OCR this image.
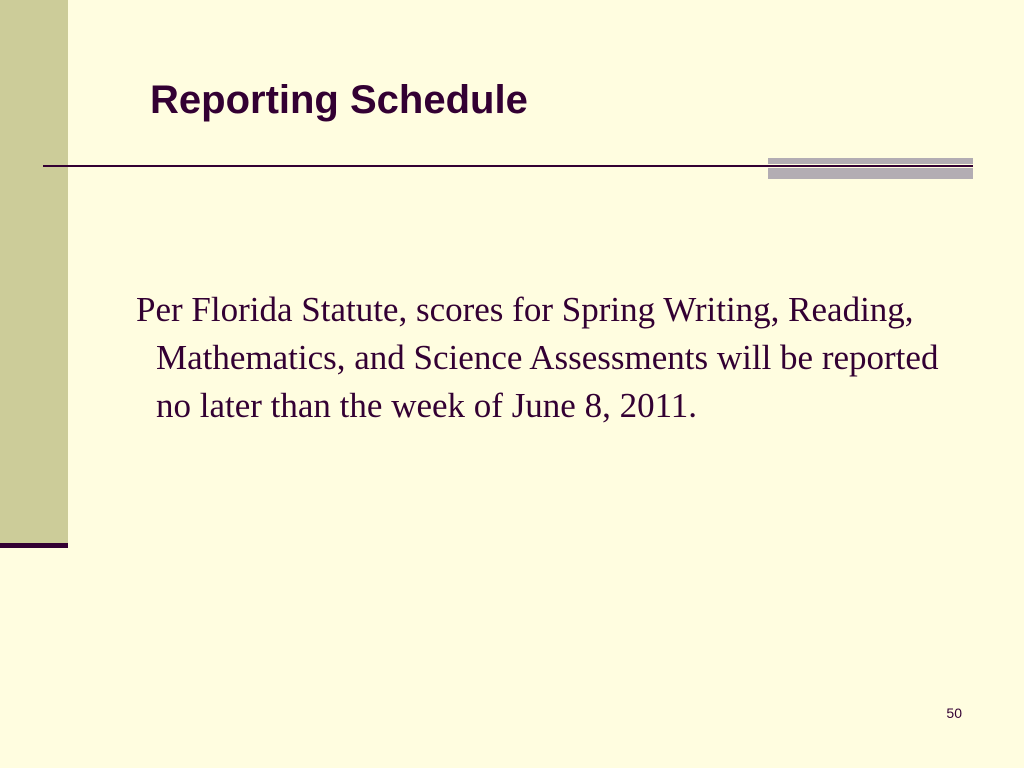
Reporting Schedule

Per Florida Statute, scores for Spring Writing, Reading, Mathematics, and Science Assessments will be reported no later than the week of June 8, 2011.

50
